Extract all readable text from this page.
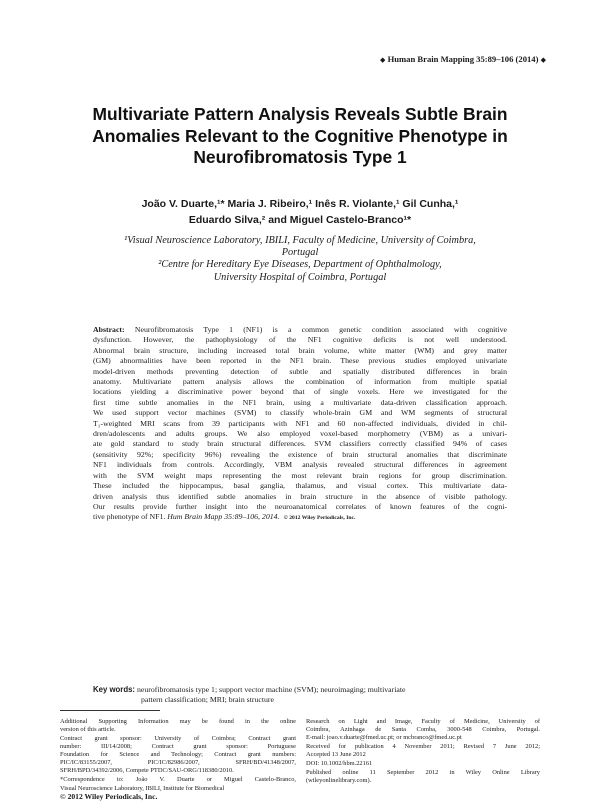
◆ Human Brain Mapping 35:89–106 (2014) ◆
Multivariate Pattern Analysis Reveals Subtle Brain
Anomalies Relevant to the Cognitive Phenotype in
Neurofibromatosis Type 1
João V. Duarte,¹* Maria J. Ribeiro,¹ Inês R. Violante,¹ Gil Cunha,¹
Eduardo Silva,² and Miguel Castelo-Branco¹*
¹Visual Neuroscience Laboratory, IBILI, Faculty of Medicine, University of Coimbra,
Portugal
²Centre for Hereditary Eye Diseases, Department of Ophthalmology,
University Hospital of Coimbra, Portugal
Abstract: Neurofibromatosis Type 1 (NF1) is a common genetic condition associated with cognitive
dysfunction. However, the pathophysiology of the NF1 cognitive deficits is not well understood.
Abnormal brain structure, including increased total brain volume, white matter (WM) and grey matter
(GM) abnormalities have been reported in the NF1 brain. These previous studies employed univariate
model-driven methods preventing detection of subtle and spatially distributed differences in brain
anatomy. Multivariate pattern analysis allows the combination of information from multiple spatial
locations yielding a discriminative power beyond that of single voxels. Here we investigated for the
first time subtle anomalies in the NF1 brain, using a multivariate data-driven classification approach.
We used support vector machines (SVM) to classify whole-brain GM and WM segments of structural
T₁-weighted MRI scans from 39 participants with NF1 and 60 non-affected individuals, divided in chil-
dren/adolescents and adults groups. We also employed voxel-based morphometry (VBM) as a univari-
ate gold standard to study brain structural differences. SVM classifiers correctly classified 94% of cases
(sensitivity 92%; specificity 96%) revealing the existence of brain structural anomalies that discriminate
NF1 individuals from controls. Accordingly, VBM analysis revealed structural differences in agreement
with the SVM weight maps representing the most relevant brain regions for group discrimination.
These included the hippocampus, basal ganglia, thalamus, and visual cortex. This multivariate data-
driven analysis thus identified subtle anomalies in brain structure in the absence of visible pathology.
Our results provide further insight into the neuroanatomical correlates of known features of the cogni-
tive phenotype of NF1. Hum Brain Mapp 35:89–106, 2014.   © 2012 Wiley Periodicals, Inc.
Key words: neurofibromatosis type 1; support vector machine (SVM); neuroimaging; multivariate
pattern classification; MRI; brain structure
Additional Supporting Information may be found in the online
version of this article.
Contract grant sponsor: University of Coimbra; Contract grant
number: III/14/2008; Contract grant sponsor: Portuguese
Foundation for Science and Technology; Contract grant numbers:
PIC/IC/83155/2007, PIC/IC/82986/2007, SFRH/BD/41348/2007,
SFRH/BPD/34392/2006, Compete PTDC/SAU-ORG/118380/2010.
*Correspondence to: João V. Duarte or Miguel Castelo-Branco,
Visual Neuroscience Laboratory, IBILI, Institute for Biomedical
Research on Light and Image, Faculty of Medicine, University of
Coimbra, Azinhaga de Santa Comba, 3000-548 Coimbra, Portugal.
E-mail: joao.v.duarte@fmed.uc.pt; or mcbranco@fmed.uc.pt
Received for publication 4 November 2011; Revised 7 June 2012;
Accepted 13 June 2012
DOI: 10.1002/hbm.22161
Published online 11 September 2012 in Wiley Online Library
(wileyonlinelibrary.com).
© 2012 Wiley Periodicals, Inc.
